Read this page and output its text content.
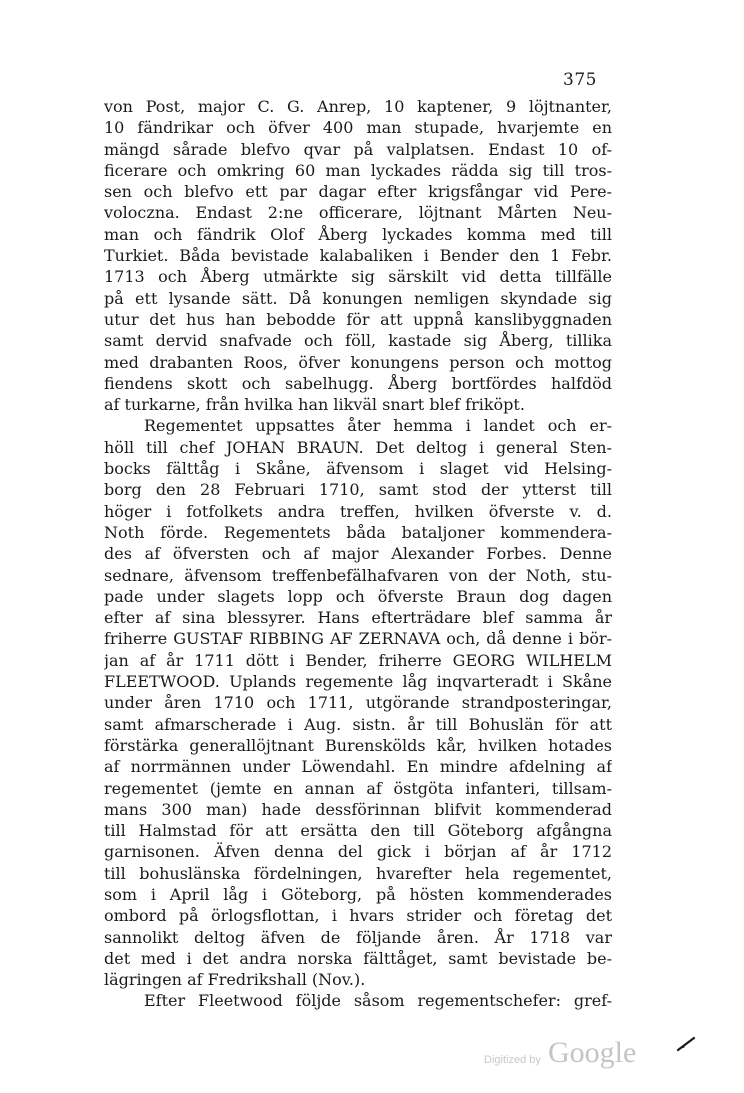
375
von Post, major C. G. Anrep, 10 kaptener, 9 löjtnanter,
10 fändrikar och öfver 400 man stupade, hvarjemte en
mängd sårade blefvo qvar på valplatsen. Endast 10 of-
ficerare och omkring 60 man lyckades rädda sig till tros-
sen och blefvo ett par dagar efter krigsfångar vid Pere-
voloczna. Endast 2:ne officerare, löjtnant Mårten Neu-
man och fändrik Olof Åberg lyckades komma med till
Turkiet. Båda bevistade kalabaliken i Bender den 1 Febr.
1713 och Åberg utmärkte sig särskilt vid detta tillfälle
på ett lysande sätt. Då konungen nemligen skyndade sig
utur det hus han bebodde för att uppnå kanslibyggnaden
samt dervid snafvade och föll, kastade sig Åberg, tillika
med drabanten Roos, öfver konungens person och mottog
fiendens skott och sabelhugg. Åberg bortfördes halfdöd
af turkarne, från hvilka han likväl snart blef friköpt.
Regementet uppsattes åter hemma i landet och er-
höll till chef JOHAN BRAUN. Det deltog i general Sten-
bocks fälttåg i Skåne, äfvensom i slaget vid Helsing-
borg den 28 Februari 1710, samt stod der ytterst till
höger i fotfolkets andra treffen, hvilken öfverste v. d.
Noth förde. Regementets båda bataljoner kommendera-
des af öfversten och af major Alexander Forbes. Denne
sednare, äfvensom treffenbefälhafvaren von der Noth, stu-
pade under slagets lopp och öfverste Braun dog dagen
efter af sina blessyrer. Hans efterträdare blef samma år
friherre GUSTAF RIBBING AF ZERNAVA och, då denne i bör-
jan af år 1711 dött i Bender, friherre GEORG WILHELM
FLEETWOOD. Uplands regemente låg inqvarteradt i Skåne
under åren 1710 och 1711, utgörande strandposteringar,
samt afmarscherade i Aug. sistn. år till Bohuslän för att
förstärka generallöjtnant Burenskölds kår, hvilken hotades
af norrmännen under Löwendahl. En mindre afdelning af
regementet (jemte en annan af östgöta infanteri, tillsam-
mans 300 man) hade dessförinnan blifvit kommenderad
till Halmstad för att ersätta den till Göteborg afgångna
garnisonen. Äfven denna del gick i början af år 1712
till bohuslänska fördelningen, hvarefter hela regementet,
som i April låg i Göteborg, på hösten kommenderades
ombord på örlogsflottan, i hvars strider och företag det
sannolikt deltog äfven de följande åren. År 1718 var
det med i det andra norska fälttåget, samt bevistade be-
lägringen af Fredrikshall (Nov.).
Efter Fleetwood följde såsom regementschefer: gref-
Digitized by Google
